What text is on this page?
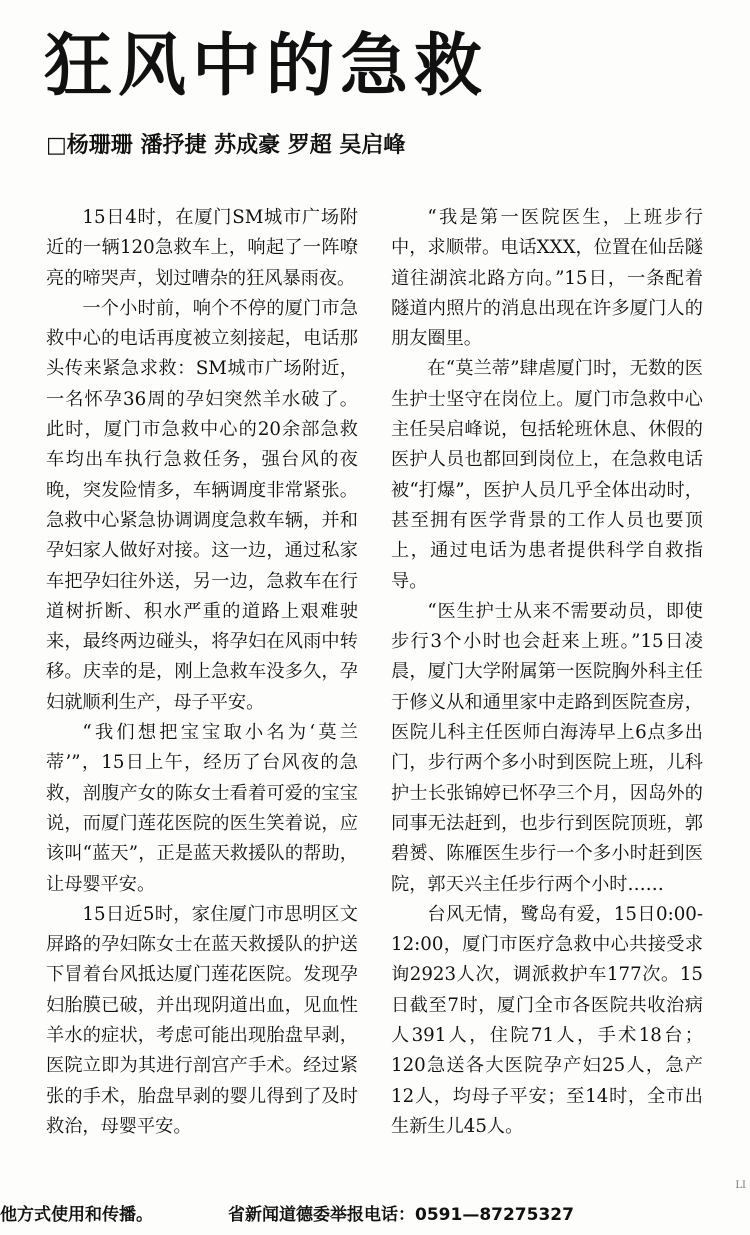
狂风中的急救
□杨珊珊 潘抒捷 苏成豪 罗超 吴启峰

15日4时，在厦门SM城市广场附近的一辆120急救车上，响起了一阵嘹亮的啼哭声，划过嘈杂的狂风暴雨夜。

一个小时前，响个不停的厦门市急救中心的电话再度被立刻接起，电话那头传来紧急求救：SM城市广场附近，一名怀孕36周的孕妇突然羊水破了。此时，厦门市急救中心的20余部急救车均出车执行急救任务，强台风的夜晚，突发险情多，车辆调度非常紧张。急救中心紧急协调调度急救车辆，并和孕妇家人做好对接。这一边，通过私家车把孕妇往外送，另一边，急救车在行道树折断、积水严重的道路上艰难驶来，最终两边碰头，将孕妇在风雨中转移。庆幸的是，刚上急救车没多久，孕妇就顺利生产，母子平安。

“我们想把宝宝取小名为‘莫兰蒂’”，15日上午，经历了台风夜的急救，剖腹产女的陈女士看着可爱的宝宝说，而厦门莲花医院的医生笑着说，应该叫“蓝天”，正是蓝天救援队的帮助，让母婴平安。

15日近5时，家住厦门市思明区文屏路的孕妇陈女士在蓝天救援队的护送下冒着台风抵达厦门莲花医院。发现孕妇胎膜已破，并出现阴道出血，见血性羊水的症状，考虑可能出现胎盘早剥，医院立即为其进行剖宫产手术。经过紧张的手术，胎盘早剥的婴儿得到了及时救治，母婴平安。

“我是第一医院医生，上班步行中，求顺带。电话XXX，位置在仙岳隧道往湖滨北路方向。”15日，一条配着隧道内照片的消息出现在许多厦门人的朋友圈里。

在“莫兰蒂”肆虐厦门时，无数的医生护士坚守在岗位上。厦门市急救中心主任吴启峰说，包括轮班休息、休假的医护人员也都回到岗位上，在急救电话被“打爆”，医护人员几乎全体出动时，甚至拥有医学背景的工作人员也要顶上，通过电话为患者提供科学自救指导。

“医生护士从来不需要动员，即使步行3个小时也会赶来上班。”15日凌晨，厦门大学附属第一医院胸外科主任于修义从和通里家中走路到医院查房，医院儿科主任医师白海涛早上6点多出门，步行两个多小时到医院上班，儿科护士长张锦婷已怀孕三个月，因岛外的同事无法赶到，也步行到医院顶班，郭碧赟、陈雁医生步行一个多小时赶到医院，郭天兴主任步行两个小时……

台风无情，鹭岛有爱，15日0:00-12:00，厦门市医疗急救中心共接受求询2923人次，调派救护车177次。15日截至7时，厦门全市各医院共收治病人391人，住院71人，手术18台；120急送各大医院孕产妇25人，急产12人，均母子平安；至14时，全市出生新生儿45人。

LI
他方式使用和传播。	省新闻道德委举报电话：0591—87275327
